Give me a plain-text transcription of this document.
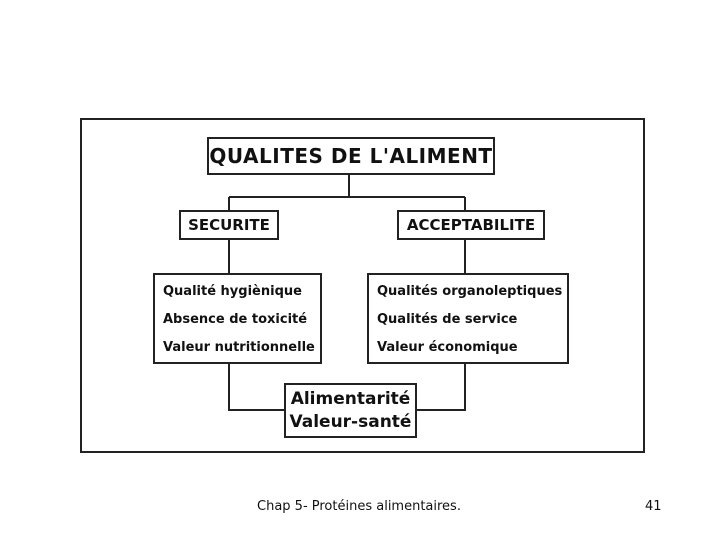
QUALITES DE L'ALIMENT
SECURITE	ACCEPTABILITE
Qualité hygiènique
Absence de toxicité
Valeur nutritionnelle
Qualités organoleptiques
Qualités de service
Valeur économique
Alimentarité
Valeur-santé
Chap 5- Protéines alimentaires.	41
